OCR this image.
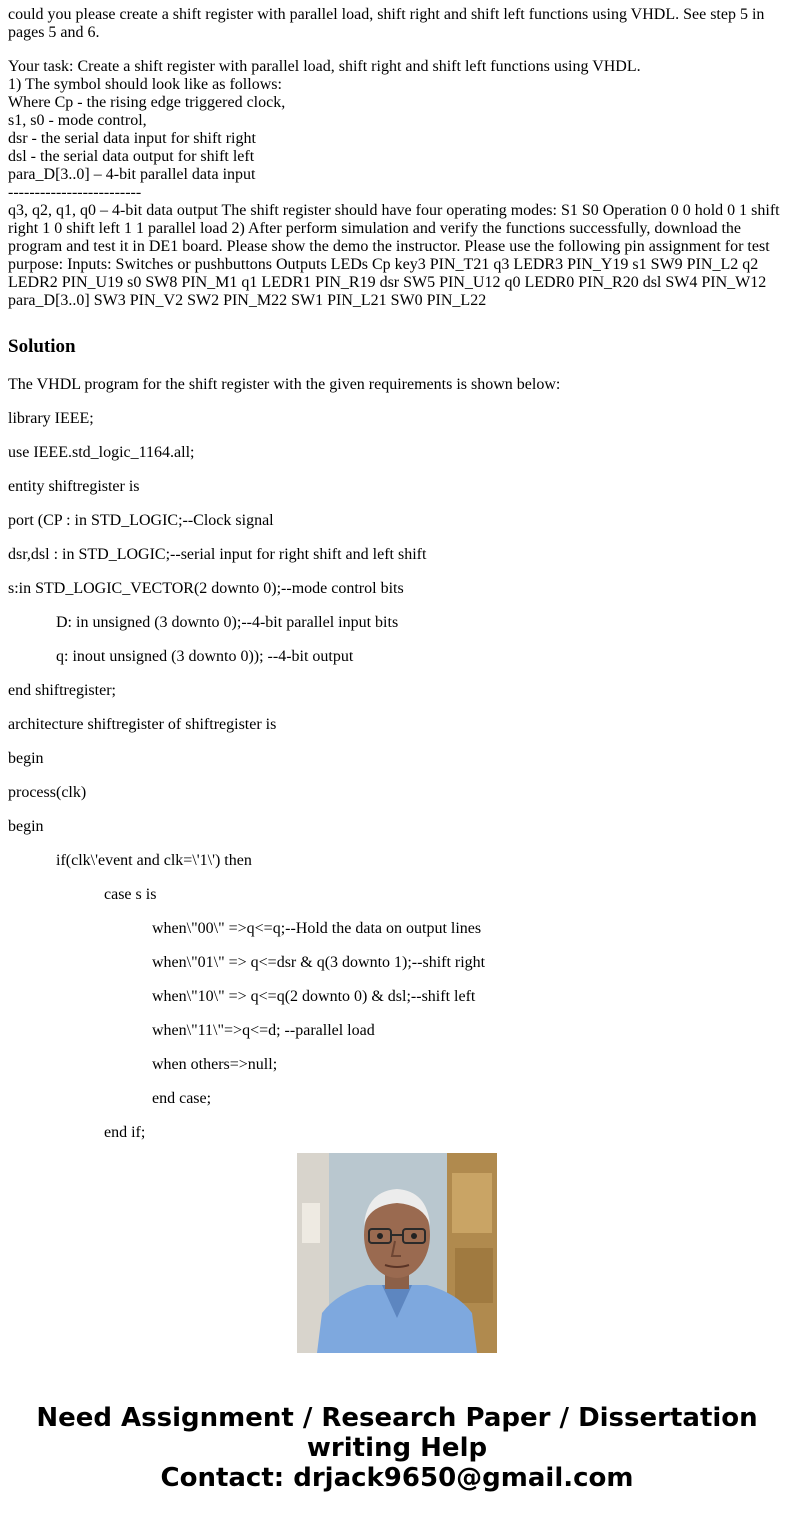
could you please create a shift register with parallel load, shift right and shift left functions using VHDL. See step 5 in pages 5 and 6.

Your task: Create a shift register with parallel load, shift right and shift left functions using VHDL.
1) The symbol should look like as follows:
Where Cp - the rising edge triggered clock,
s1, s0 - mode control,
dsr - the serial data input for shift right
dsl - the serial data output for shift left
para_D[3..0] – 4-bit parallel data input
-------------------------
q3, q2, q1, q0 – 4-bit data output The shift register should have four operating modes: S1 S0 Operation 0 0 hold 0 1 shift right 1 0 shift left 1 1 parallel load 2) After perform simulation and verify the functions successfully, download the program and test it in DE1 board. Please show the demo the instructor. Please use the following pin assignment for test purpose: Inputs: Switches or pushbuttons Outputs LEDs Cp key3 PIN_T21 q3 LEDR3 PIN_Y19 s1 SW9 PIN_L2 q2 LEDR2 PIN_U19 s0 SW8 PIN_M1 q1 LEDR1 PIN_R19 dsr SW5 PIN_U12 q0 LEDR0 PIN_R20 dsl SW4 PIN_W12 para_D[3..0] SW3 PIN_V2 SW2 PIN_M22 SW1 PIN_L21 SW0 PIN_L22
Solution

The VHDL program for the shift register with the given requirements is shown below:

library IEEE;

use IEEE.std_logic_1164.all;

entity shiftregister is

port (CP : in STD_LOGIC;--Clock signal

dsr,dsl : in STD_LOGIC;--serial input for right shift and left shift

s:in STD_LOGIC_VECTOR(2 downto 0);--mode control bits

D: in unsigned (3 downto 0);--4-bit parallel input bits

q: inout unsigned (3 downto 0)); --4-bit output

end shiftregister;

architecture shiftregister of shiftregister is

begin

process(clk)

begin

if(clk\'event and clk=\'1\') then

case s is

when\"00\" =>q<=q;--Hold the data on output lines

when\"01\" => q<=dsr & q(3 downto 1);--shift right

when\"10\" => q<=q(2 downto 0) & dsl;--shift left

when\"11\"=>q<=d; --parallel load

when others=>null;

end case;

end if;

Need Assignment / Research Paper / Dissertation
writing Help
Contact: drjack9650@gmail.com
